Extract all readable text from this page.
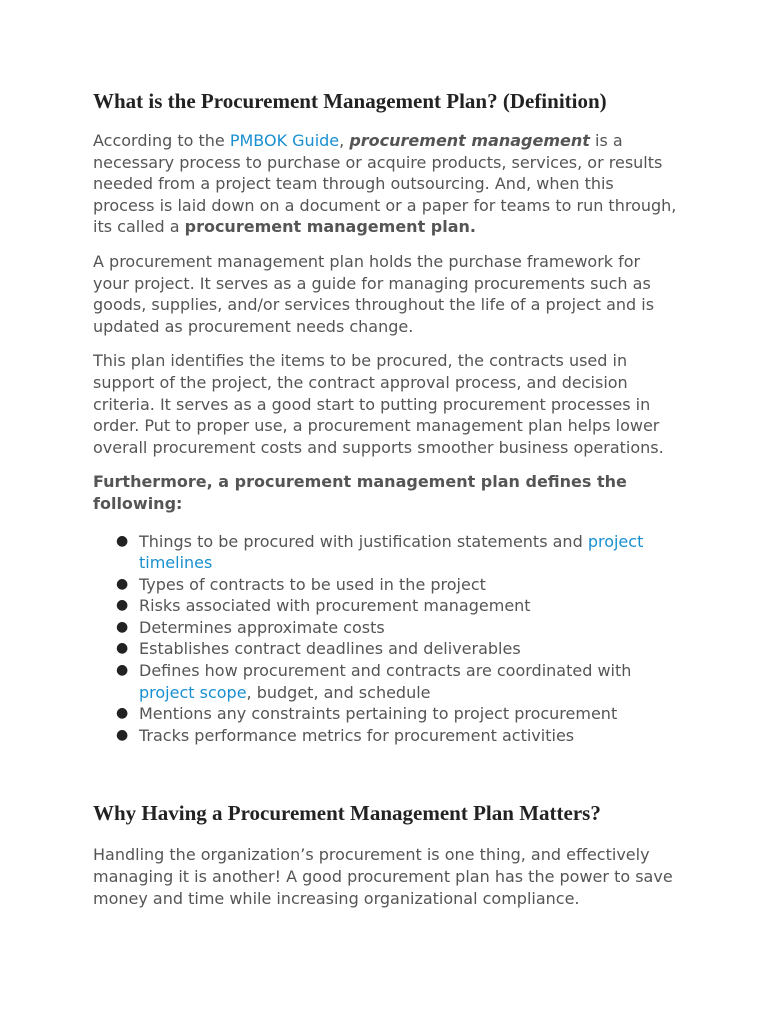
What is the Procurement Management Plan? (Definition)

According to the PMBOK Guide, procurement management is a necessary process to purchase or acquire products, services, or results needed from a project team through outsourcing. And, when this process is laid down on a document or a paper for teams to run through, its called a procurement management plan.

A procurement management plan holds the purchase framework for your project. It serves as a guide for managing procurements such as goods, supplies, and/or services throughout the life of a project and is updated as procurement needs change.

This plan identifies the items to be procured, the contracts used in support of the project, the contract approval process, and decision criteria. It serves as a good start to putting procurement processes in order. Put to proper use, a procurement management plan helps lower overall procurement costs and supports smoother business operations.

Furthermore, a procurement management plan defines the following:

● Things to be procured with justification statements and project timelines
● Types of contracts to be used in the project
● Risks associated with procurement management
● Determines approximate costs
● Establishes contract deadlines and deliverables
● Defines how procurement and contracts are coordinated with project scope, budget, and schedule
● Mentions any constraints pertaining to project procurement
● Tracks performance metrics for procurement activities
Why Having a Procurement Management Plan Matters?

Handling the organization’s procurement is one thing, and effectively managing it is another! A good procurement plan has the power to save money and time while increasing organizational compliance.
